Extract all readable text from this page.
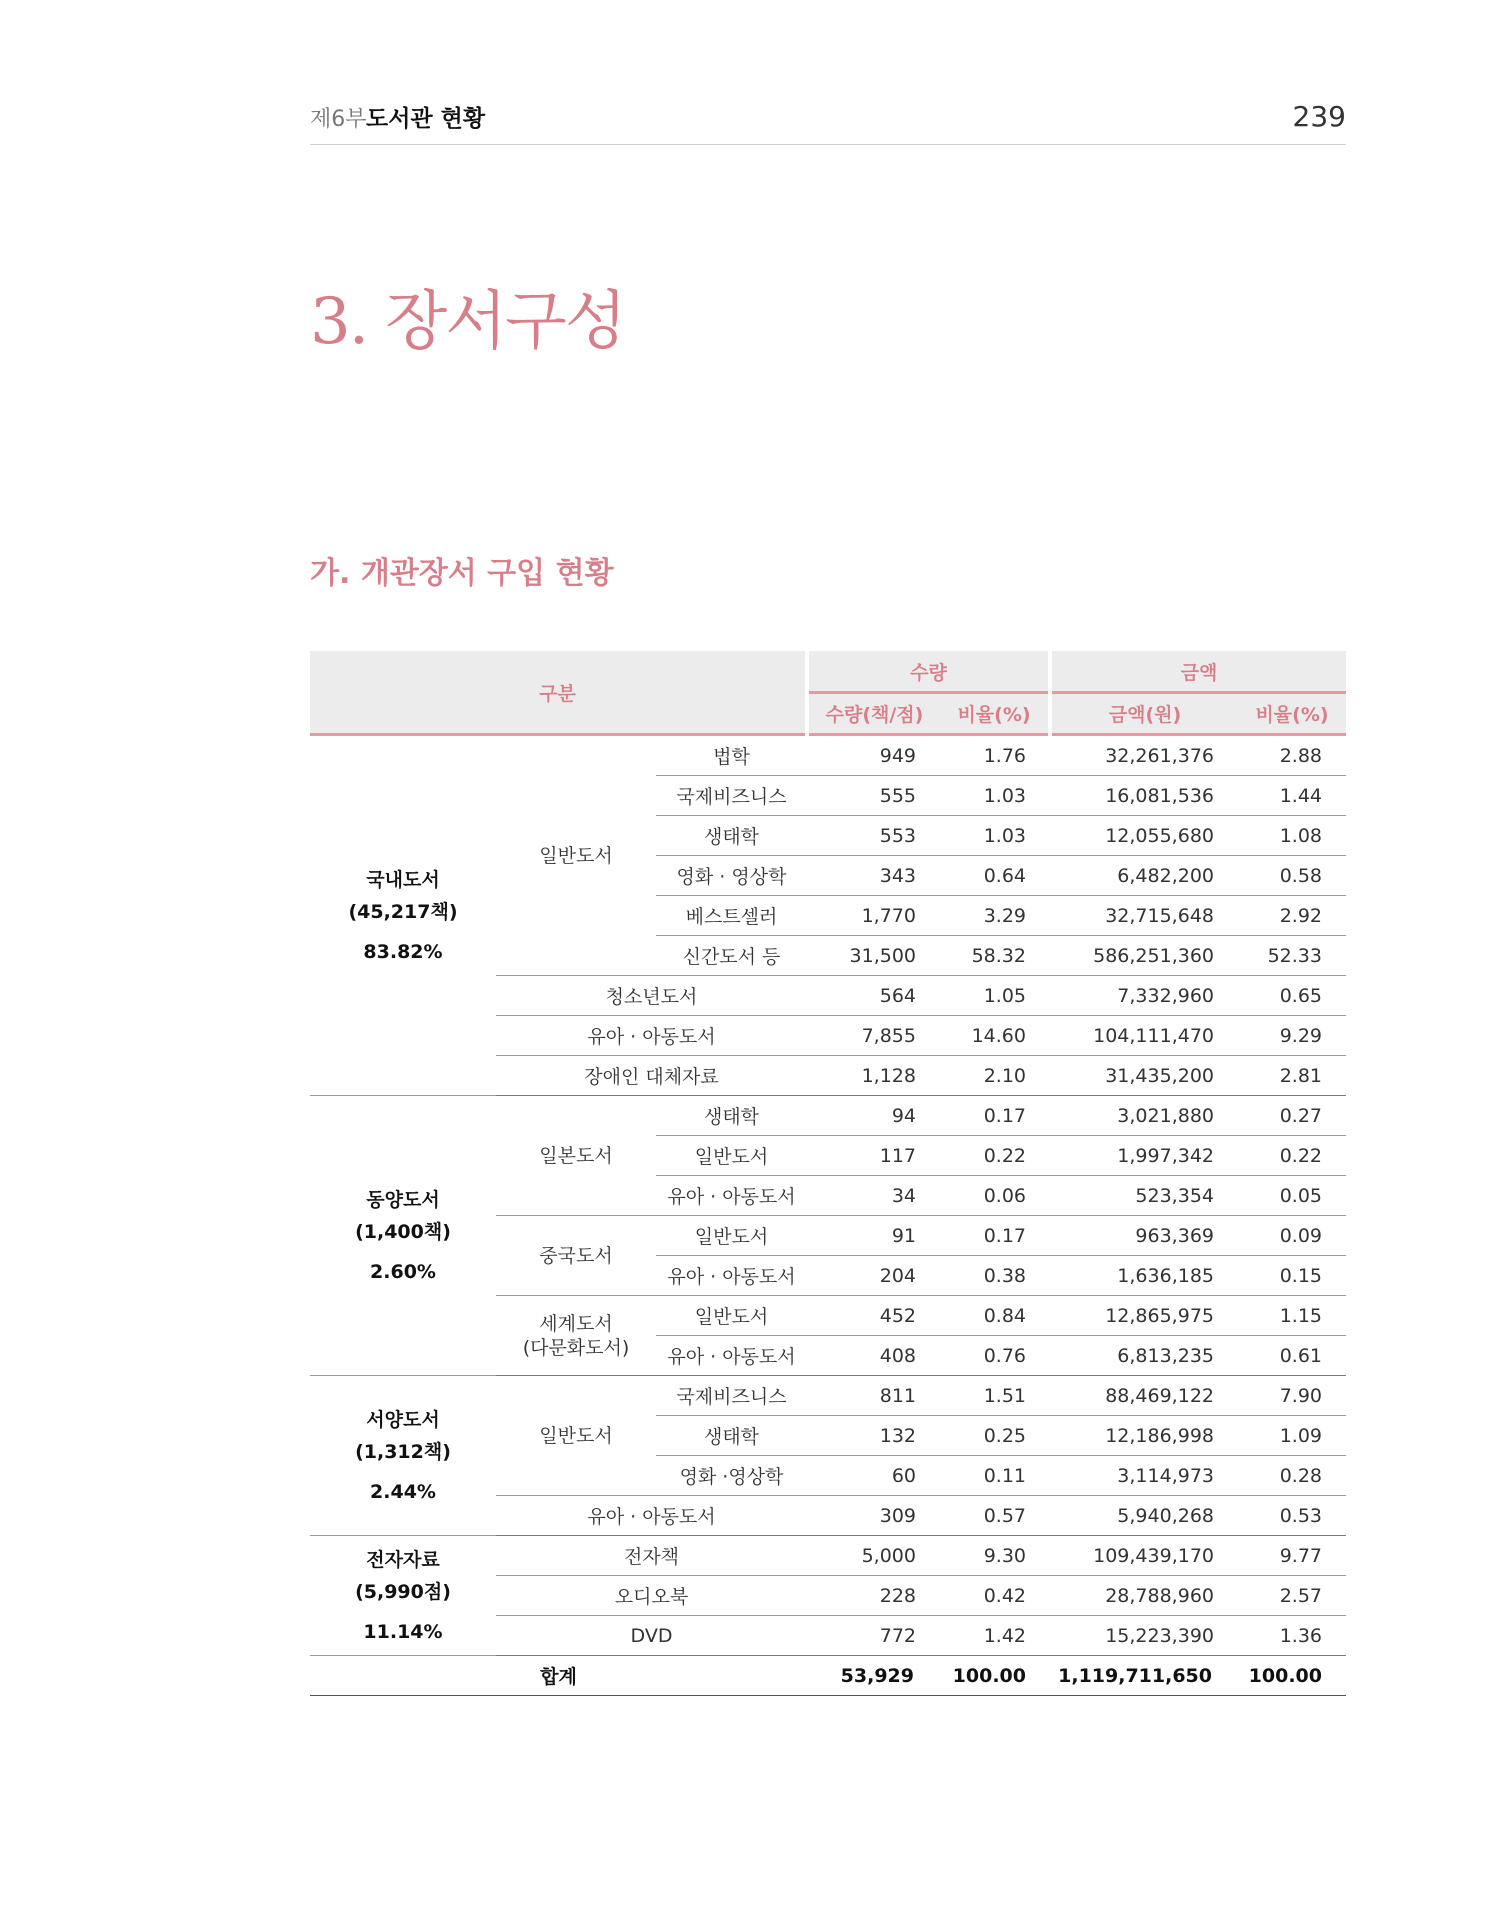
제6부 도서관 현황	239
3. 장서구성
가. 개관장서 구입 현황
구분			수량		금액	
			수량(책/점)	비율(%)	금액(원)	비율(%)
국내도서
(45,217책)
83.82%	일반도서	법학	949	1.76	32,261,376	2.88
		국제비즈니스	555	1.03	16,081,536	1.44
		생태학	553	1.03	12,055,680	1.08
		영화 · 영상학	343	0.64	6,482,200	0.58
		베스트셀러	1,770	3.29	32,715,648	2.92
		신간도서 등	31,500	58.32	586,251,360	52.33
	청소년도서		564	1.05	7,332,960	0.65
	유아 · 아동도서		7,855	14.60	104,111,470	9.29
	장애인 대체자료		1,128	2.10	31,435,200	2.81
동양도서
(1,400책)
2.60%	일본도서	생태학	94	0.17	3,021,880	0.27
		일반도서	117	0.22	1,997,342	0.22
		유아 · 아동도서	34	0.06	523,354	0.05
	중국도서	일반도서	91	0.17	963,369	0.09
		유아 · 아동도서	204	0.38	1,636,185	0.15
	세계도서
(다문화도서)	일반도서	452	0.84	12,865,975	1.15
		유아 · 아동도서	408	0.76	6,813,235	0.61
서양도서
(1,312책)
2.44%	일반도서	국제비즈니스	811	1.51	88,469,122	7.90
		생태학	132	0.25	12,186,998	1.09
		영화 ·영상학	60	0.11	3,114,973	0.28
	유아 · 아동도서		309	0.57	5,940,268	0.53
전자자료
(5,990점)
11.14%	전자책		5,000	9.30	109,439,170	9.77
	오디오북		228	0.42	28,788,960	2.57
	DVD		772	1.42	15,223,390	1.36
합계			53,929	100.00	1,119,711,650	100.00
